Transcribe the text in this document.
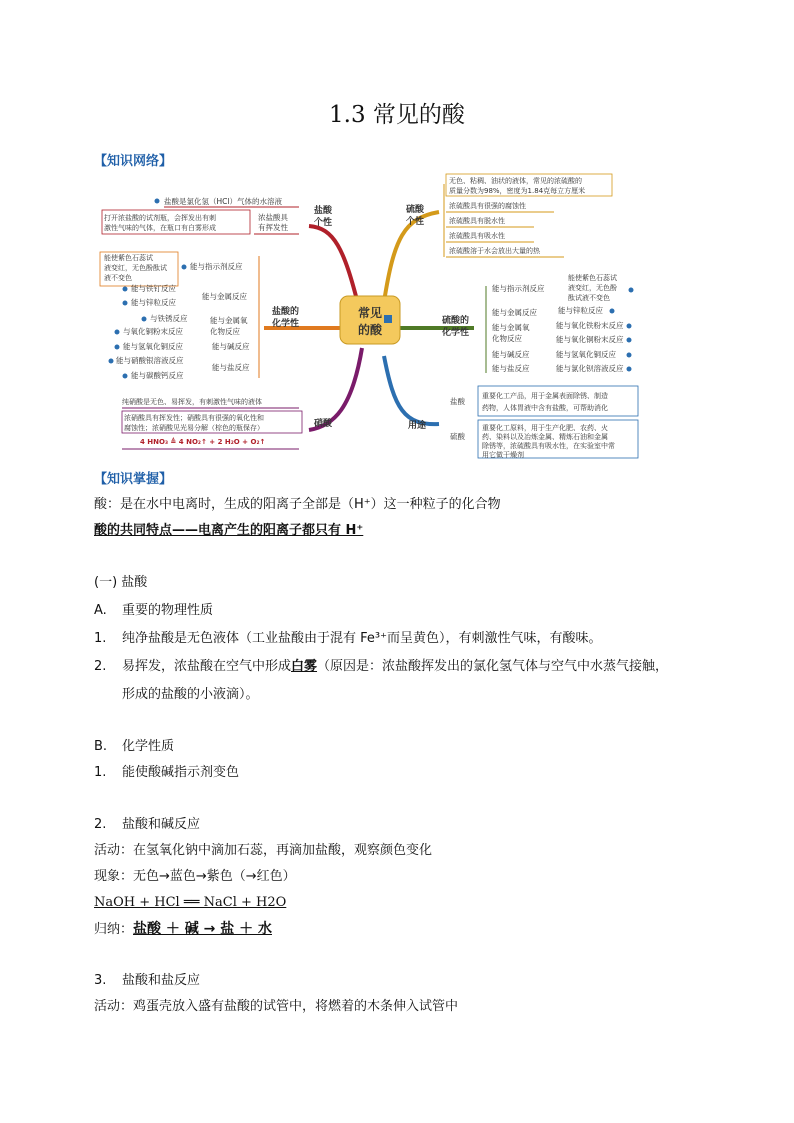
1.3 常见的酸
【知识网络】
常见
的酸
盐酸
个性
盐酸是氯化氢（HCl）气体的水溶液
打开浓盐酸的试剂瓶，会挥发出有刺
激性气味的气体，在瓶口有白雾形成
浓盐酸具
有挥发性
盐酸的
化学性
能使紫色石蕊试
液变红，无色酚酞试
液不变色
能与指示剂反应
能与铁钉反应
能与锌粒反应
能与金属反应
与铁锈反应
与氧化铜粉末反应
能与金属氧
化物反应
能与氢氧化铜反应	能与碱反应
能与硝酸银溶液反应
能与碳酸钙反应
能与盐反应
硝酸
纯硝酸是无色、易挥发，有刺激性气味的液体
浓硝酸具有挥发性；硝酸具有很强的氧化性和
腐蚀性；浓硝酸见光易分解（棕色的瓶保存）
4 HNO₃ ≜ 4 NO₂↑ + 2 H₂O + O₂↑
硫酸
个性
无色、粘稠、油状的液体，常见的浓硫酸的
质量分数为98%，密度为1.84克每立方厘米
浓硫酸具有很强的腐蚀性
浓硫酸具有脱水性
浓硫酸具有吸水性
浓硫酸溶于水会放出大量的热
硫酸的
化学性
能与指示剂反应
能使紫色石蕊试
液变红，无色酚
酞试液不变色
能与金属反应	能与锌粒反应
能与金属氧
化物反应
能与氧化铁粉末反应
能与氧化铜粉末反应
能与碱反应	能与氢氧化铜反应
能与盐反应	能与氯化钡溶液反应
用途
盐酸
重要化工产品，用于金属表面除锈、制造
药物，人体胃液中含有盐酸，可帮助消化
硫酸
重要化工原料，用于生产化肥、农药、火
药、染料以及冶炼金属、精炼石油和金属
除锈等，浓硫酸具有吸水性，在实验室中常
用它做干燥剂
【知识掌握】
酸：是在水中电离时，生成的阳离子全部是（H⁺）这一种粒子的化合物
酸的共同特点——电离产生的阳离子都只有 H⁺
(一) 盐酸
A. 重要的物理性质
1. 纯净盐酸是无色液体（工业盐酸由于混有 Fe³⁺而呈黄色），有刺激性气味，有酸味。
2. 易挥发，浓盐酸在空气中形成白雾（原因是：浓盐酸挥发出的氯化氢气体与空气中水蒸气接触，
形成的盐酸的小液滴）。
B. 化学性质
1. 能使酸碱指示剂变色
2. 盐酸和碱反应
活动：在氢氧化钠中滴加石蕊，再滴加盐酸，观察颜色变化
现象：无色→蓝色→紫色（→红色）
NaOH + HCl ══ NaCl + H2O
归纳：盐酸 ＋ 碱 → 盐 ＋ 水
3. 盐酸和盐反应
活动：鸡蛋壳放入盛有盐酸的试管中，将燃着的木条伸入试管中
